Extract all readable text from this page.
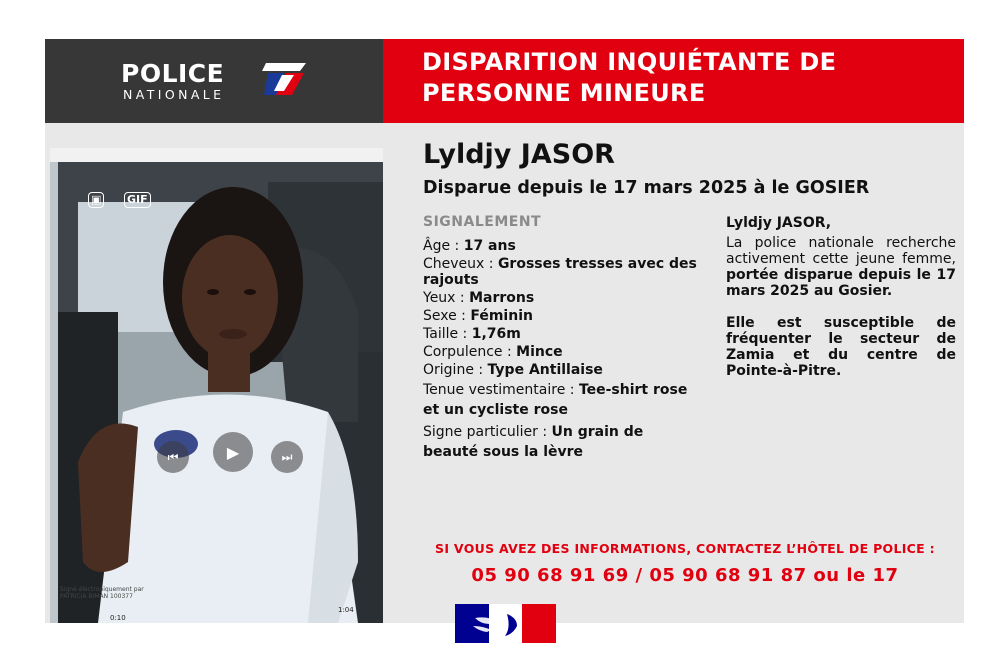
POLICE
NATIONALE
DISPARITION INQUIÉTANTE DE PERSONNE MINEURE
▣ GIF
⏮	▶	⏭
Signé électroniquement par PATRICIA BIMAN 100377
0:10
1:04
Lyldjy JASOR
Disparue depuis le 17 mars 2025 à le GOSIER
SIGNALEMENT
Âge : 17 ans
Cheveux : Grosses tresses avec des rajouts
Yeux : Marrons
Sexe : Féminin
Taille : 1,76m
Corpulence : Mince
Origine : Type Antillaise
Tenue vestimentaire : Tee-shirt rose et un cycliste rose
Signe particulier : Un grain de beauté sous la lèvre

Lyldjy JASOR,

La police nationale recherche activement cette jeune femme, portée disparue depuis le 17 mars 2025 au Gosier.

Elle est susceptible de fréquenter le secteur de Zamia et du centre de Pointe-à-Pitre.

SI VOUS AVEZ DES INFORMATIONS, CONTACTEZ L’HÔTEL DE POLICE :
05 90 68 91 69 / 05 90 68 91 87 ou le 17
